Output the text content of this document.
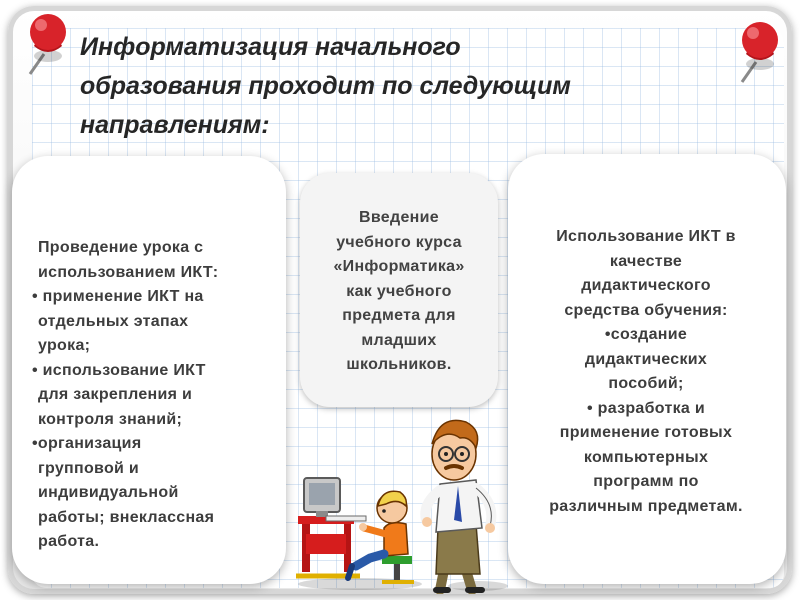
Информатизация начального
образования проходит по следующим
направлениям:
Проведение урока с
использованием ИКТ:
• применение ИКТ на
отдельных этапах
урока;
• использование ИКТ
для закрепления и
контроля знаний;
•организация
групповой и
индивидуальной
работы; внеклассная
работа.
Введение
учебного курса
«Информатика»
как учебного
предмета для
младших
школьников.
Использование ИКТ в
качестве
дидактического
средства обучения:
•создание
дидактических
пособий;
• разработка и
применение готовых
компьютерных
программ по
различным предметам.
